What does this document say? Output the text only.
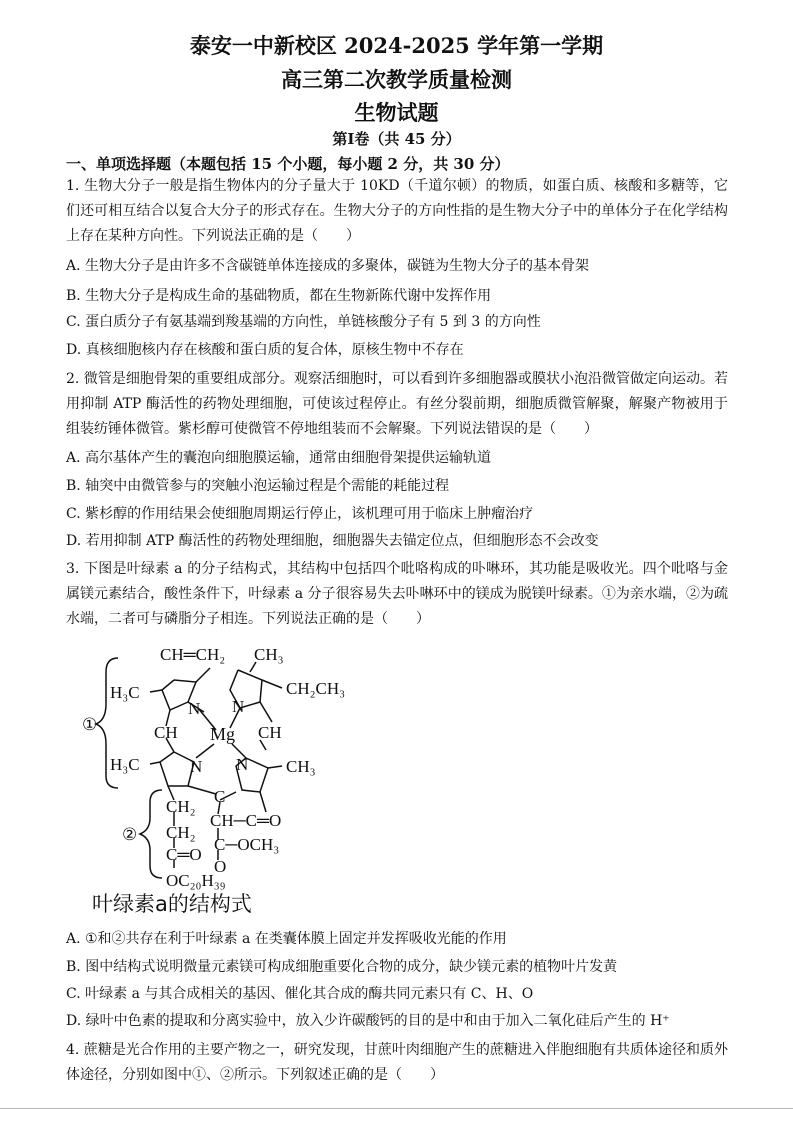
泰安一中新校区 2024-2025 学年第一学期
高三第二次教学质量检测
生物试题
第Ⅰ卷（共 45 分）
一、单项选择题（本题包括 15 个小题，每小题 2 分，共 30 分）

1. 生物大分子一般是指生物体内的分子量大于 10KD（千道尔顿）的物质，如蛋白质、核酸和多糖等，它们还可相互结合以复合大分子的形式存在。生物大分子的方向性指的是生物大分子中的单体分子在化学结构上存在某种方向性。下列说法正确的是（　　）

A. 生物大分子是由许多不含碳链单体连接成的多聚体，碳链为生物大分子的基本骨架

B. 生物大分子是构成生命的基础物质，都在生物新陈代谢中发挥作用

C. 蛋白质分子有氨基端到羧基端的方向性，单链核酸分子有 5 到 3 的方向性

D. 真核细胞核内存在核酸和蛋白质的复合体，原核生物中不存在

2. 微管是细胞骨架的重要组成部分。观察活细胞时，可以看到许多细胞器或膜状小泡沿微管做定向运动。若用抑制 ATP 酶活性的药物处理细胞，可使该过程停止。有丝分裂前期，细胞质微管解聚，解聚产物被用于组装纺锤体微管。紫杉醇可使微管不停地组装而不会解聚。下列说法错误的是（　　）

A. 高尔基体产生的囊泡向细胞膜运输，通常由细胞骨架提供运输轨道

B. 轴突中由微管参与的突触小泡运输过程是个需能的耗能过程

C. 紫杉醇的作用结果会使细胞周期运行停止，该机理可用于临床上肿瘤治疗

D. 若用抑制 ATP 酶活性的药物处理细胞，细胞器失去锚定位点，但细胞形态不会改变

3. 下图是叶绿素 a 的分子结构式，其结构中包括四个吡咯构成的卟啉环，其功能是吸收光。四个吡咯与金属镁元素结合，酸性条件下，叶绿素 a 分子很容易失去卟啉环中的镁成为脱镁叶绿素。①为亲水端，②为疏水端，二者可与磷脂分子相连。下列说法正确的是（　　）

①
②
CH═CH₂ CH₃
H₃C	CH₂CH₃
N N
Mg
CH	CH
N N
H₃C	CH₃
C
CH₂
CH₂
C═O
OC₂₀H₃₉
CH─C═O
C─OCH₃
O
叶绿素a的结构式

A. ①和②共存在利于叶绿素 a 在类囊体膜上固定并发挥吸收光能的作用

B. 图中结构式说明微量元素镁可构成细胞重要化合物的成分，缺少镁元素的植物叶片发黄

C. 叶绿素 a 与其合成相关的基因、催化其合成的酶共同元素只有 C、H、O

D. 绿叶中色素的提取和分离实验中，放入少许碳酸钙的目的是中和由于加入二氧化硅后产生的 H⁺

4. 蔗糖是光合作用的主要产物之一，研究发现，甘蔗叶肉细胞产生的蔗糖进入伴胞细胞有共质体途径和质外体途径，分别如图中①、②所示。下列叙述正确的是（　　）
